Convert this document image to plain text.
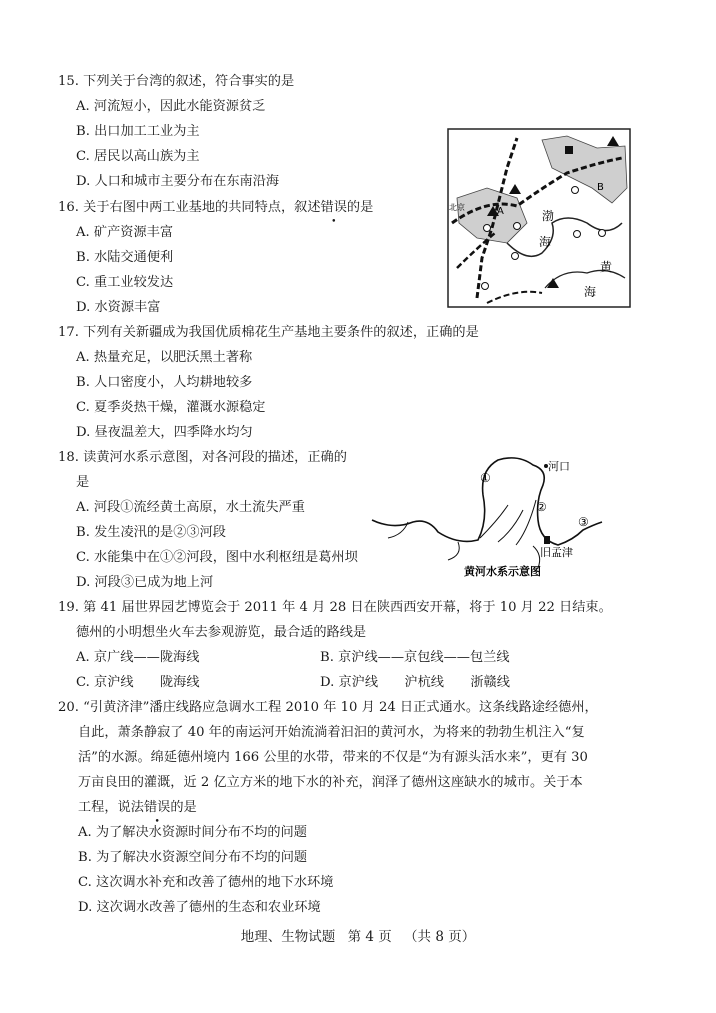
15. 下列关于台湾的叙述，符合事实的是
A. 河流短小，因此水能资源贫乏
B. 出口加工工业为主
C. 居民以高山族为主
D. 人口和城市主要分布在东南沿海
16. 关于右图中两工业基地的共同特点，叙述错误的是
A. 矿产资源丰富
B. 水陆交通便利
C. 重工业较发达
D. 水资源丰富
A
B
北京
渤
海
黄
海
17. 下列有关新疆成为我国优质棉花生产基地主要条件的叙述，正确的是
A. 热量充足，以肥沃黑土著称
B. 人口密度小，人均耕地较多
C. 夏季炎热干燥，灌溉水源稳定
D. 昼夜温差大，四季降水均匀
18. 读黄河水系示意图，对各河段的描述，正确的
是
A. 河段①流经黄土高原，水土流失严重
B. 发生凌汛的是②③河段
C. 水能集中在①②河段，图中水利枢纽是葛州坝
D. 河段③已成为地上河
河口
①
②
③
旧孟津
黄河水系示意图
19. 第 41 届世界园艺博览会于 2011 年 4 月 28 日在陕西西安开幕，将于 10 月 22 日结束。
德州的小明想坐火车去参观游览，最合适的路线是
A. 京广线——陇海线	B. 京沪线——京包线——包兰线
C. 京沪线　　陇海线	D. 京沪线　　沪杭线　　浙赣线
20. “引黄济津”潘庄线路应急调水工程 2010 年 10 月 24 日正式通水。这条线路途经德州，
自此，萧条静寂了 40 年的南运河开始流淌着汩汩的黄河水，为将来的勃勃生机注入“复
活”的水源。绵延德州境内 166 公里的水带，带来的不仅是“为有源头活水来”，更有 30
万亩良田的灌溉，近 2 亿立方米的地下水的补充，润泽了德州这座缺水的城市。关于本
工程，说法错误的是
A. 为了解决水资源时间分布不均的问题
B. 为了解决水资源空间分布不均的问题
C. 这次调水补充和改善了德州的地下水环境
D. 这次调水改善了德州的生态和农业环境
地理、生物试题 第 4 页 （共 8 页）
